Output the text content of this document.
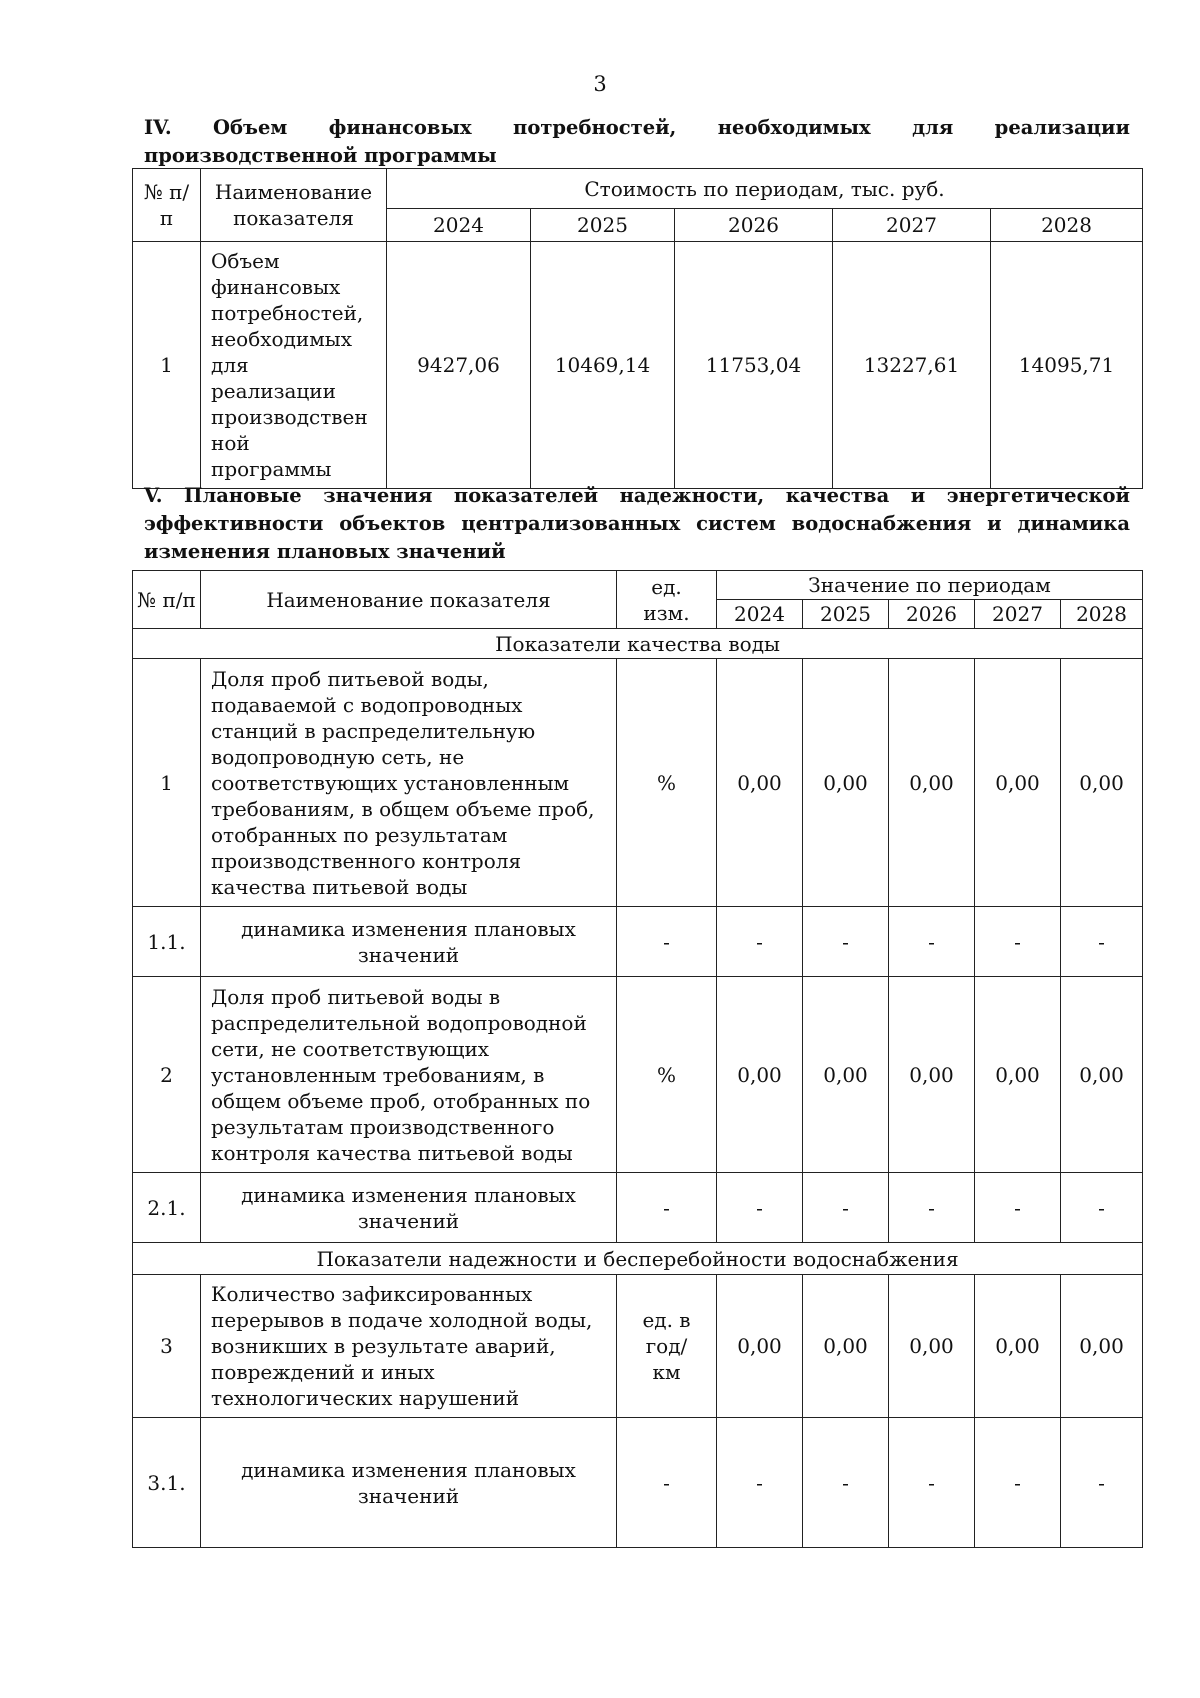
3
IV. Объем финансовых потребностей, необходимых для реализации производственной программы
№ п/п	Наименование показателя	Стоимость по периодам, тыс. руб.				
		2024	2025	2026	2027	2028
1	Объем финансовых потребностей, необходимых для реализации производствен ной программы	9427,06	10469,14	11753,04	13227,61	14095,71
V. Плановые значения показателей надежности, качества и энергетической эффективности объектов централизованных систем водоснабжения и динамика изменения плановых значений
№ п/п	Наименование показателя	ед. изм.	Значение по периодам				
			2024	2025	2026	2027	2028
Показатели качества воды							
1	Доля проб питьевой воды, подаваемой с водопроводных станций в распределительную водопроводную сеть, не соответствующих установленным требованиям, в общем объеме проб, отобранных по результатам производственного контроля качества питьевой воды	%	0,00	0,00	0,00	0,00	0,00
1.1.	динамика изменения плановых значений	-	-	-	-	-	-
2	Доля проб питьевой воды в распределительной водопроводной сети, не соответствующих установленным требованиям, в общем объеме проб, отобранных по результатам производственного контроля качества питьевой воды	%	0,00	0,00	0,00	0,00	0,00
2.1.	динамика изменения плановых значений	-	-	-	-	-	-
Показатели надежности и бесперебойности водоснабжения							
3	Количество зафиксированных перерывов в подаче холодной воды, возникших в результате аварий, повреждений и иных технологических нарушений	ед. в год/ км	0,00	0,00	0,00	0,00	0,00
3.1.	динамика изменения плановых значений	-	-	-	-	-	-
